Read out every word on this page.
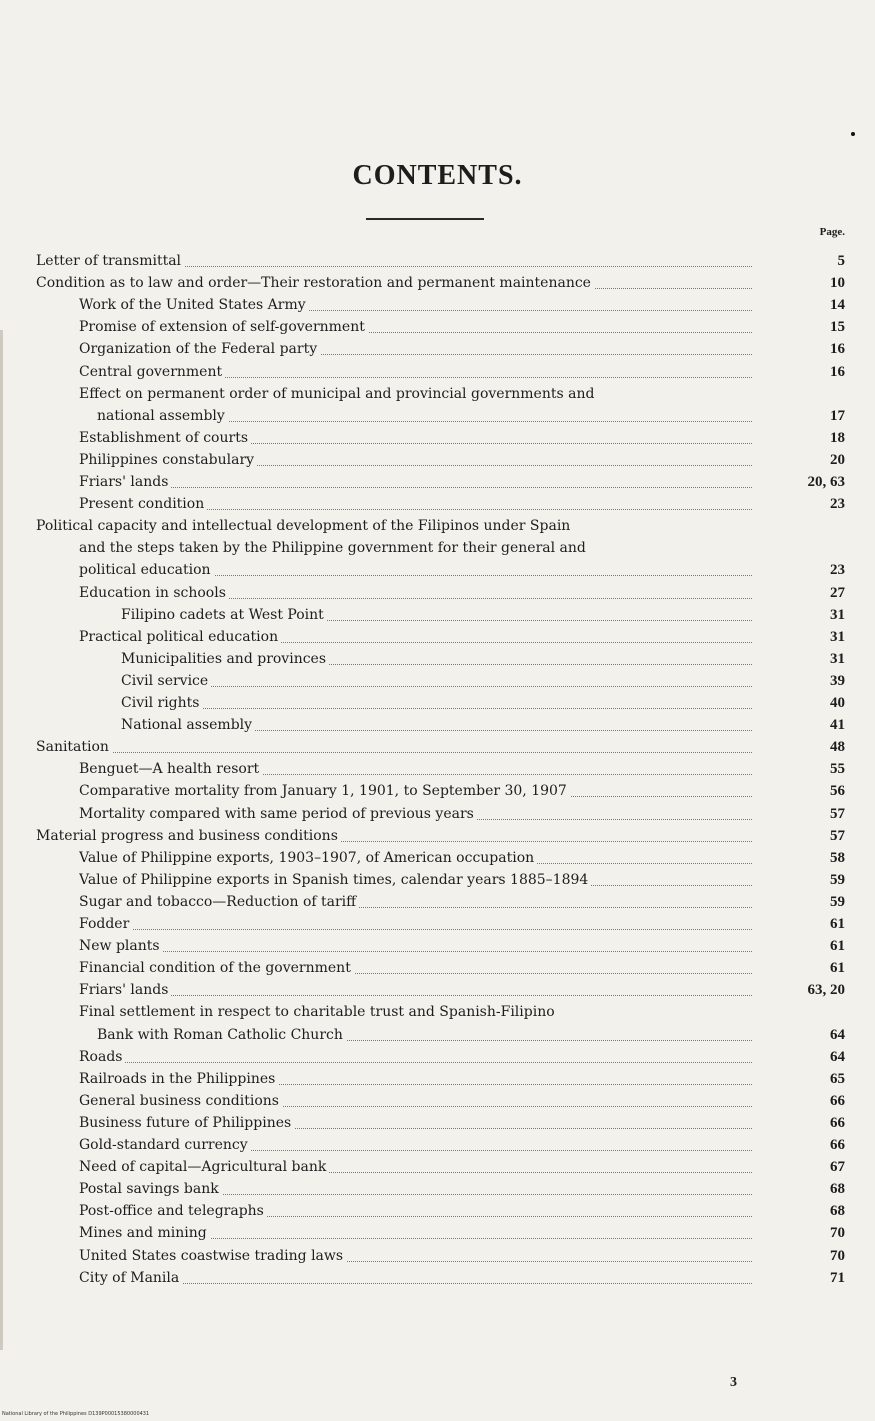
CONTENTS.
Page.
Letter of transmittal	5
Condition as to law and order—Their restoration and permanent maintenance	10
Work of the United States Army	14
Promise of extension of self-government	15
Organization of the Federal party	16
Central government	16
Effect on permanent order of municipal and provincial governments and
national assembly	17
Establishment of courts	18
Philippines constabulary	20
Friars' lands	20, 63
Present condition	23
Political capacity and intellectual development of the Filipinos under Spain
and the steps taken by the Philippine government for their general and
political education	23
Education in schools	27
Filipino cadets at West Point	31
Practical political education	31
Municipalities and provinces	31
Civil service	39
Civil rights	40
National assembly	41
Sanitation	48
Benguet—A health resort	55
Comparative mortality from January 1, 1901, to September 30, 1907	56
Mortality compared with same period of previous years	57
Material progress and business conditions	57
Value of Philippine exports, 1903–1907, of American occupation	58
Value of Philippine exports in Spanish times, calendar years 1885–1894	59
Sugar and tobacco—Reduction of tariff	59
Fodder	61
New plants	61
Financial condition of the government	61
Friars' lands	63, 20
Final settlement in respect to charitable trust and Spanish-Filipino
Bank with Roman Catholic Church	64
Roads	64
Railroads in the Philippines	65
General business conditions	66
Business future of Philippines	66
Gold-standard currency	66
Need of capital—Agricultural bank	67
Postal savings bank	68
Post-office and telegraphs	68
Mines and mining	70
United States coastwise trading laws	70
City of Manila	71
3
National Library of the Philippines D139P00015380000431
